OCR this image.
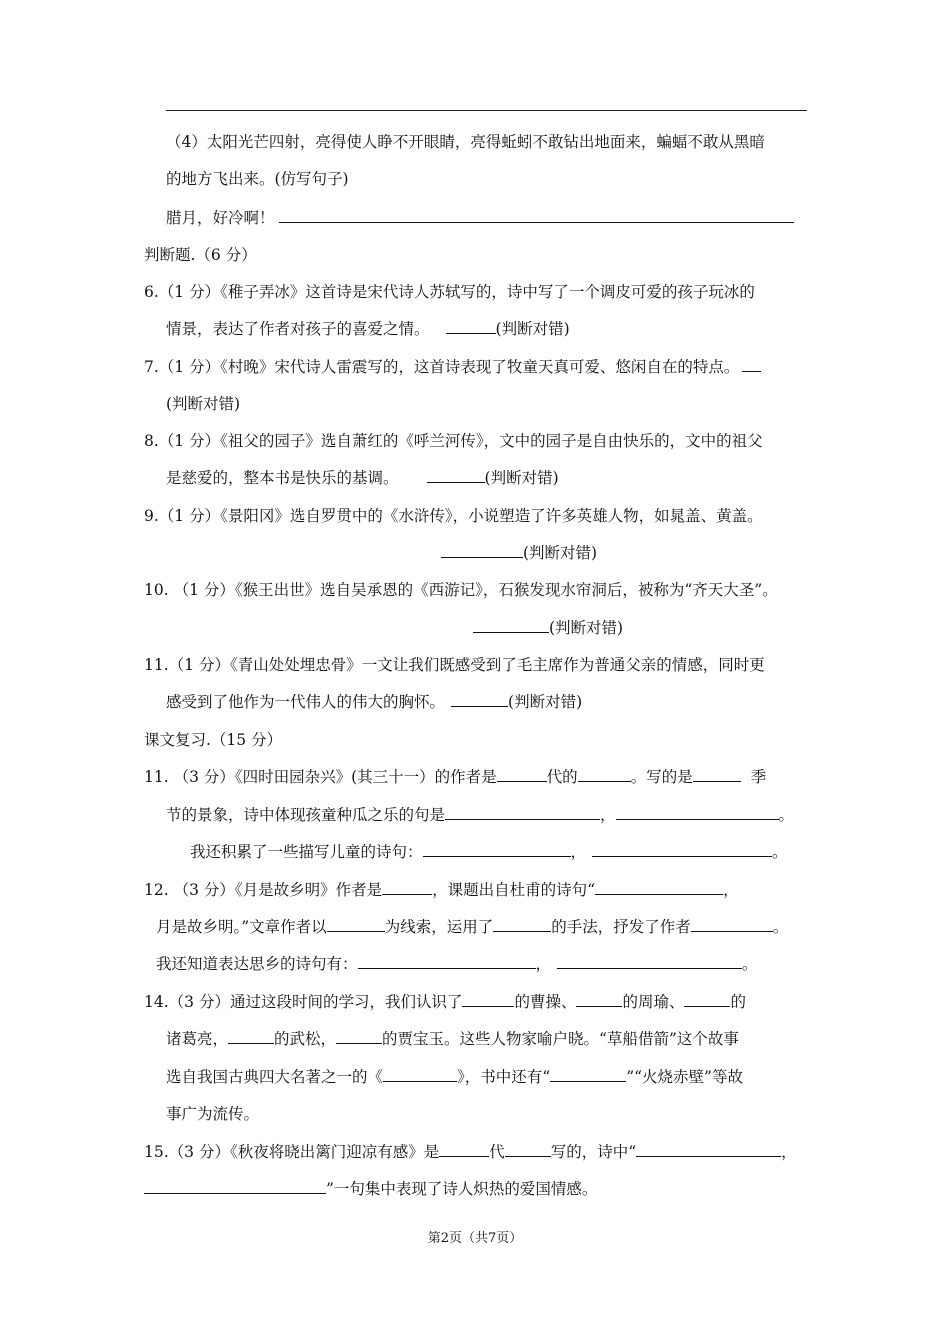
（4）太阳光芒四射，亮得使人睁不开眼睛，亮得蚯蚓不敢钻出地面来，蝙蝠不敢从黑暗
的地方飞出来。(仿写句子)
腊月，好冷啊！
判断题.（6 分）
6.（1 分）《稚子弄冰》这首诗是宋代诗人苏轼写的，诗中写了一个调皮可爱的孩子玩冰的
情景，表达了作者对孩子的喜爱之情。	(判断对错)
7.（1 分）《村晚》宋代诗人雷震写的，这首诗表现了牧童天真可爱、悠闲自在的特点。
(判断对错)
8.（1 分）《祖父的园子》选自萧红的《呼兰河传》，文中的园子是自由快乐的，文中的祖父
是慈爱的，整本书是快乐的基调。	(判断对错)
9.（1 分）《景阳冈》选自罗贯中的《水浒传》，小说塑造了许多英雄人物，如晁盖、黄盖。
(判断对错)
10. （1 分）《猴王出世》选自吴承恩的《西游记》，石猴发现水帘洞后，被称为“齐天大圣”。
(判断对错)
11.（1 分）《青山处处埋忠骨》一文让我们既感受到了毛主席作为普通父亲的情感，同时更
感受到了他作为一代伟人的伟大的胸怀。	(判断对错)
课文复习.（15 分）
11. （3 分）《四时田园杂兴》(其三十一）的作者是	代的	。写的是	季
节的景象，诗中体现孩童种瓜之乐的句是	，	。
我还积累了一些描写儿童的诗句：	，	。
12. （3 分）《月是故乡明》作者是	，课题出自杜甫的诗句“	，
月是故乡明。”文章作者以	为线索，运用了	的手法，抒发了作者	。
我还知道表达思乡的诗句有：	，	。
14.（3 分）通过这段时间的学习，我们认识了	的曹操、	的周瑜、	的
诸葛亮，	的武松，	的贾宝玉。这些人物家喻户晓。“草船借箭”这个故事
选自我国古典四大名著之一的《	》，书中还有“	”“火烧赤壁”等故
事广为流传。
15.（3 分）《秋夜将晓出篱门迎凉有感》是	代	写的，诗中“	，
”一句集中表现了诗人炽热的爱国情感。
第2页（共7页）
